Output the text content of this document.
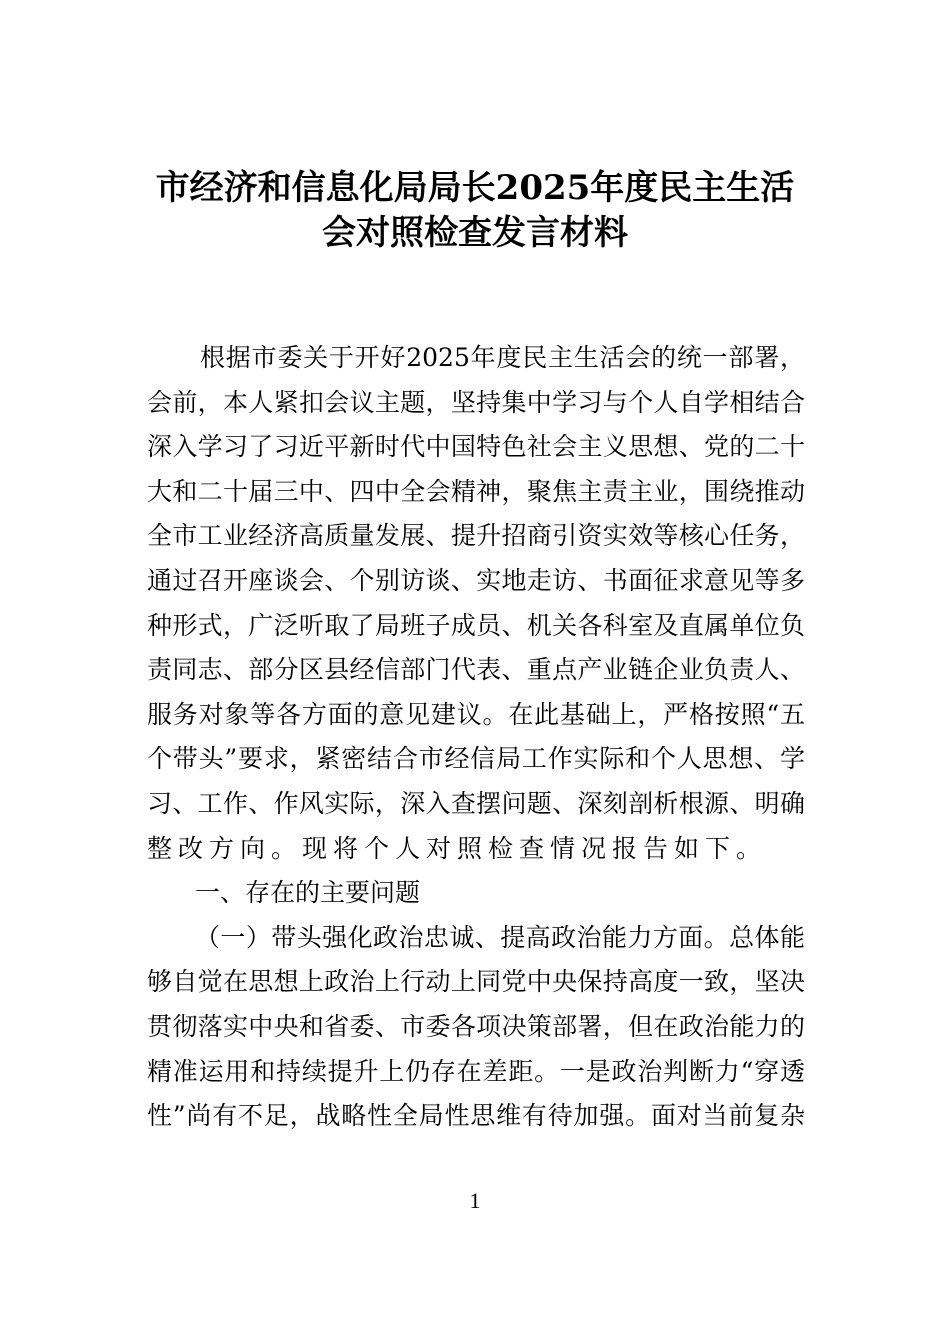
市经济和信息化局局长2025年度民主生活
会对照检查发言材料
根据市委关于开好2025年度民主生活会的统一部署，
会前，本人紧扣会议主题，坚持集中学习与个人自学相结合
深入学习了习近平新时代中国特色社会主义思想、党的二十
大和二十届三中、四中全会精神，聚焦主责主业，围绕推动
全市工业经济高质量发展、提升招商引资实效等核心任务，
通过召开座谈会、个别访谈、实地走访、书面征求意见等多
种形式，广泛听取了局班子成员、机关各科室及直属单位负
责同志、部分区县经信部门代表、重点产业链企业负责人、
服务对象等各方面的意见建议。在此基础上，严格按照“五
个带头”要求，紧密结合市经信局工作实际和个人思想、学
习、工作、作风实际，深入查摆问题、深刻剖析根源、明确
整改方向。现将个人对照检查情况报告如下。
一、存在的主要问题
（一）带头强化政治忠诚、提高政治能力方面。总体能
够自觉在思想上政治上行动上同党中央保持高度一致，坚决
贯彻落实中央和省委、市委各项决策部署，但在政治能力的
精准运用和持续提升上仍存在差距。一是政治判断力“穿透
性”尚有不足，战略性全局性思维有待加强。面对当前复杂
1
